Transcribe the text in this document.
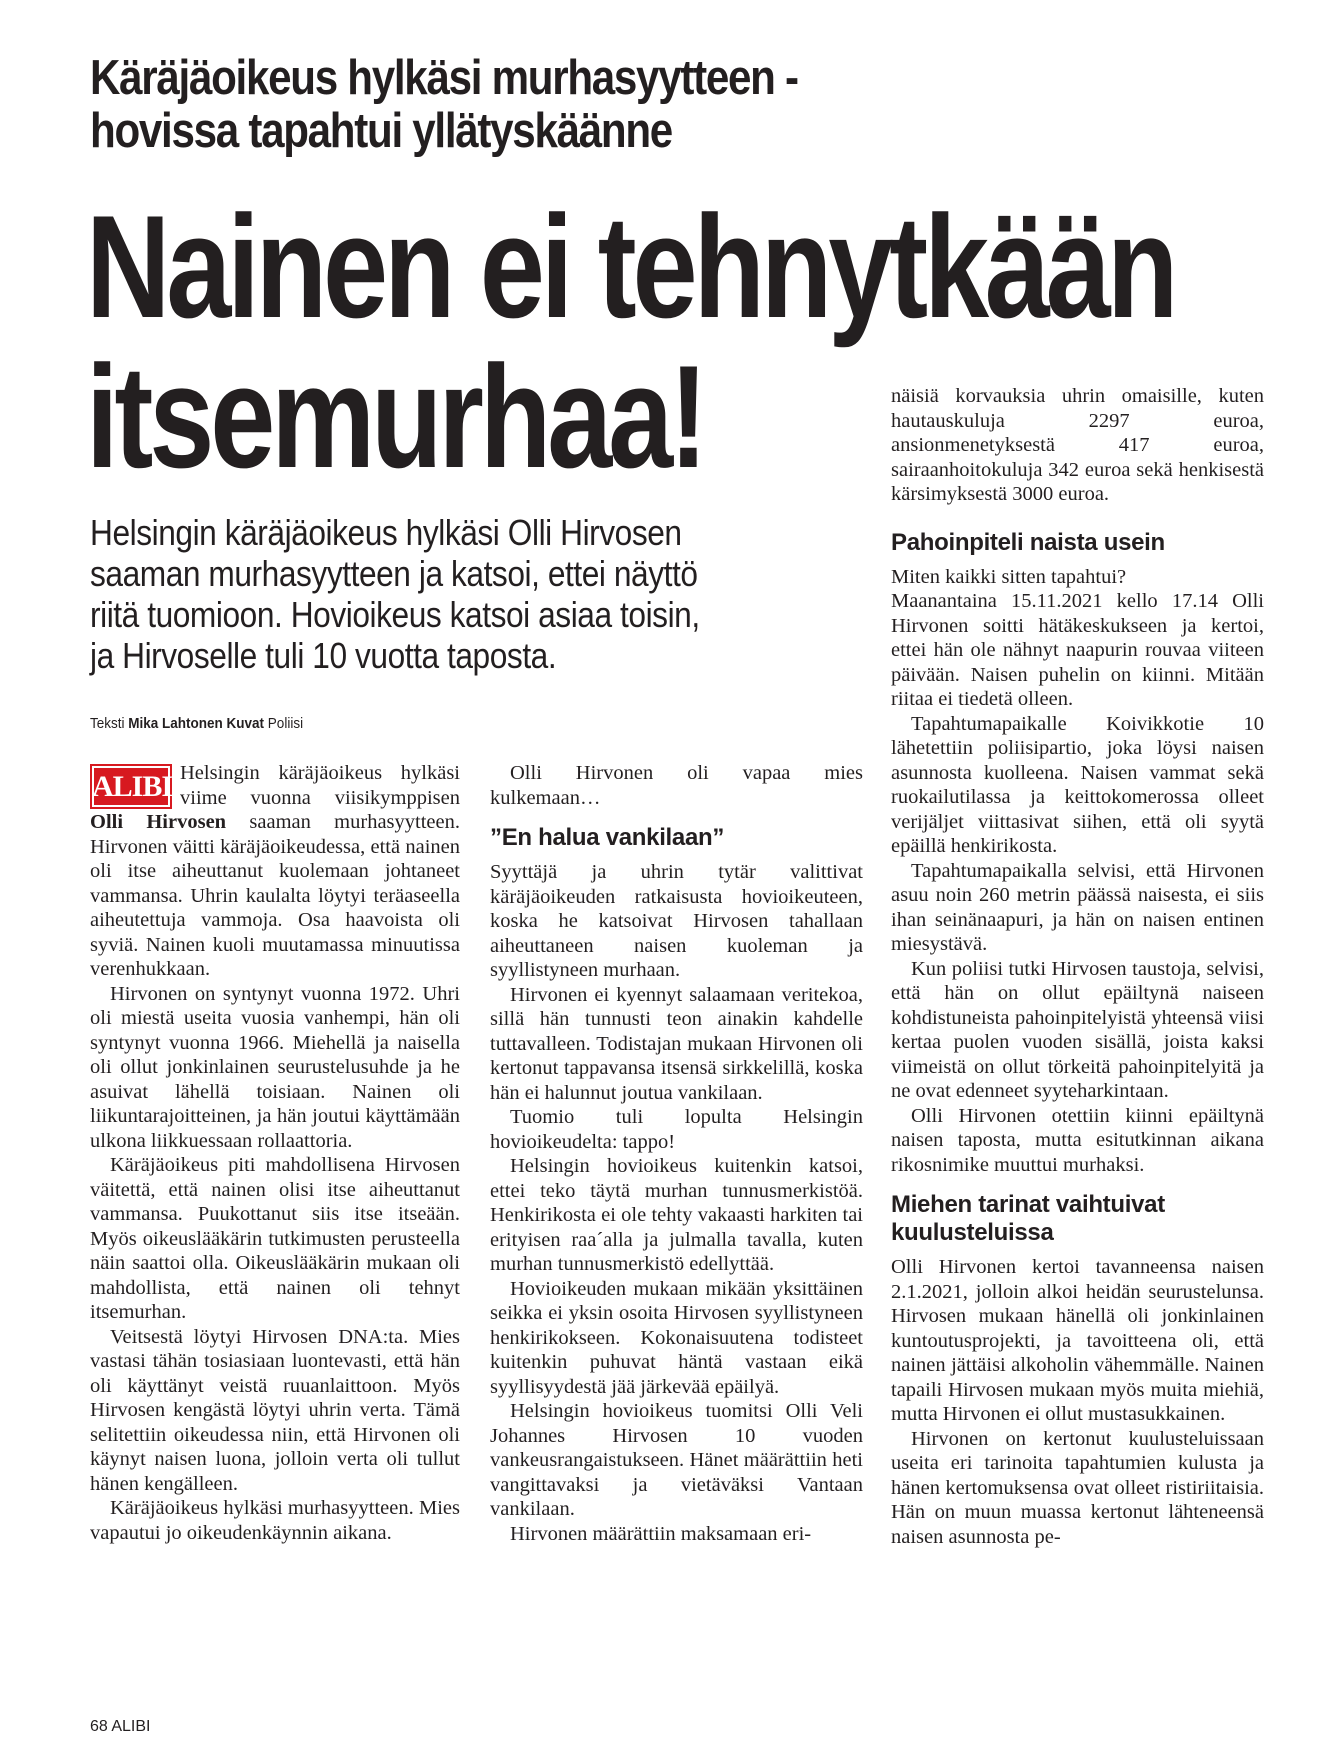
Käräjäoikeus hylkäsi murhasyytteen -
hovissa tapahtui yllätyskäänne
Nainen ei tehnytkään
itsemurhaa!
Helsingin käräjäoikeus hylkäsi Olli Hirvosen
saaman murhasyytteen ja katsoi, ettei näyttö
riitä tuomioon. Hovioikeus katsoi asiaa toisin,
ja Hirvoselle tuli 10 vuotta taposta.
Teksti Mika Lahtonen Kuvat Poliisi
ALIBI Helsingin käräjäoikeus hylkäsi viime vuonna viisikymppisen Olli Hirvosen saaman murhasyytteen. Hirvonen väitti käräjäoikeudessa, että nainen oli itse aiheuttanut kuolemaan johtaneet vammansa. Uhrin kaulalta löytyi teräaseella aiheutettuja vammoja. Osa haavoista oli syviä. Nainen kuoli muutamassa minuutissa verenhukkaan.

Hirvonen on syntynyt vuonna 1972. Uhri oli miestä useita vuosia vanhempi, hän oli syntynyt vuonna 1966. Miehellä ja naisella oli ollut jonkinlainen seurustelusuhde ja he asuivat lähellä toisiaan. Nainen oli liikuntarajoitteinen, ja hän joutui käyttämään ulkona liikkuessaan rollaattoria.

Käräjäoikeus piti mahdollisena Hirvosen väitettä, että nainen olisi itse aiheuttanut vammansa. Puukottanut siis itse itseään. Myös oikeuslääkärin tutkimusten perusteella näin saattoi olla. Oikeuslääkärin mukaan oli mahdollista, että nainen oli tehnyt itsemurhan.

Veitsestä löytyi Hirvosen DNA:ta. Mies vastasi tähän tosiasiaan luontevasti, että hän oli käyttänyt veistä ruuanlaittoon. Myös Hirvosen kengästä löytyi uhrin verta. Tämä selitettiin oikeudessa niin, että Hirvonen oli käynyt naisen luona, jolloin verta oli tullut hänen kengälleen.

Käräjäoikeus hylkäsi murhasyytteen. Mies vapautui jo oikeudenkäynnin aikana.

Olli Hirvonen oli vapaa mies kulkemaan…

”En halua vankilaan”

Syyttäjä ja uhrin tytär valittivat käräjäoikeuden ratkaisusta hovioikeuteen, koska he katsoivat Hirvosen tahallaan aiheuttaneen naisen kuoleman ja syyllistyneen murhaan.

Hirvonen ei kyennyt salaamaan veritekoa, sillä hän tunnusti teon ainakin kahdelle tuttavalleen. Todistajan mukaan Hirvonen oli kertonut tappavansa itsensä sirkkelillä, koska hän ei halunnut joutua vankilaan.

Tuomio tuli lopulta Helsingin hovioikeudelta: tappo!

Helsingin hovioikeus kuitenkin katsoi, ettei teko täytä murhan tunnusmerkistöä. Henkirikosta ei ole tehty vakaasti harkiten tai erityisen raa´alla ja julmalla tavalla, kuten murhan tunnusmerkistö edellyttää.

Hovioikeuden mukaan mikään yksittäinen seikka ei yksin osoita Hirvosen syyllistyneen henkirikokseen. Kokonaisuutena todisteet kuitenkin puhuvat häntä vastaan eikä syyllisyydestä jää järkevää epäilyä.

Helsingin hovioikeus tuomitsi Olli Veli Johannes Hirvosen 10 vuoden vankeusrangaistukseen. Hänet määrättiin heti vangittavaksi ja vietäväksi Vantaan vankilaan.

Hirvonen määrättiin maksamaan eri-

näisiä korvauksia uhrin omaisille, kuten hautauskuluja 2297 euroa, ansionmenetyksestä 417 euroa, sairaanhoitokuluja 342 euroa sekä henkisestä kärsimyksestä 3000 euroa.

Pahoinpiteli naista usein

Miten kaikki sitten tapahtui?

Maanantaina 15.11.2021 kello 17.14 Olli Hirvonen soitti hätäkeskukseen ja kertoi, ettei hän ole nähnyt naapurin rouvaa viiteen päivään. Naisen puhelin on kiinni. Mitään riitaa ei tiedetä olleen.

Tapahtumapaikalle Koivikkotie 10 lähetettiin poliisipartio, joka löysi naisen asunnosta kuolleena. Naisen vammat sekä ruokailutilassa ja keittokomerossa olleet verijäljet viittasivat siihen, että oli syytä epäillä henkirikosta.

Tapahtumapaikalla selvisi, että Hirvonen asuu noin 260 metrin päässä naisesta, ei siis ihan seinänaapuri, ja hän on naisen entinen miesystävä.

Kun poliisi tutki Hirvosen taustoja, selvisi, että hän on ollut epäiltynä naiseen kohdistuneista pahoinpitelyistä yhteensä viisi kertaa puolen vuoden sisällä, joista kaksi viimeistä on ollut törkeitä pahoinpitelyitä ja ne ovat edenneet syyteharkintaan.

Olli Hirvonen otettiin kiinni epäiltynä naisen taposta, mutta esitutkinnan aikana rikosnimike muuttui murhaksi.

Miehen tarinat vaihtuivat kuulusteluissa

Olli Hirvonen kertoi tavanneensa naisen 2.1.2021, jolloin alkoi heidän seurustelunsa. Hirvosen mukaan hänellä oli jonkinlainen kuntoutusprojekti, ja tavoitteena oli, että nainen jättäisi alkoholin vähemmälle. Nainen tapaili Hirvosen mukaan myös muita miehiä, mutta Hirvonen ei ollut mustasukkainen.

Hirvonen on kertonut kuulusteluissaan useita eri tarinoita tapahtumien kulusta ja hänen kertomuksensa ovat olleet ristiriitaisia. Hän on muun muassa kertonut lähteneensä naisen asunnosta pe-

68 ALIBI
